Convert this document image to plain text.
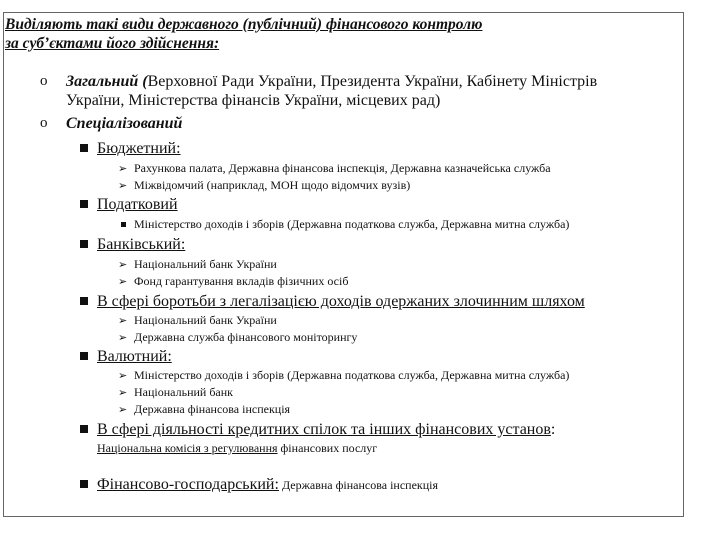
Виділяють такі види державного (публічний) фінансового контролю
за суб’єктами його здійснення:
o Загальний (Верховної Ради України, Президента України, Кабінету Міністрів
України, Міністерства фінансів України, місцевих рад)
o Спеціалізований
Бюджетний:
➢ Рахункова палата, Державна фінансова інспекція, Державна казначейська служба
➢ Міжвідомчий (наприклад, МОН щодо відомчих вузів)
Податковий
Міністерство доходів і зборів (Державна податкова служба, Державна митна служба)
Банківський:
➢ Національний банк України
➢ Фонд гарантування вкладів фізичних осіб
В сфері боротьби з легалізацією доходів одержаних злочинним шляхом
➢ Національний банк України
➢ Державна служба фінансового моніторингу
Валютний:
➢ Міністерство доходів і зборів (Державна податкова служба, Державна митна служба)
➢ Національний банк
➢ Державна фінансова інспекція
В сфері діяльності кредитних спілок та інших фінансових установ:
Національна комісія з регулювання фінансових послуг
Фінансово-господарський: Державна фінансова інспекція
